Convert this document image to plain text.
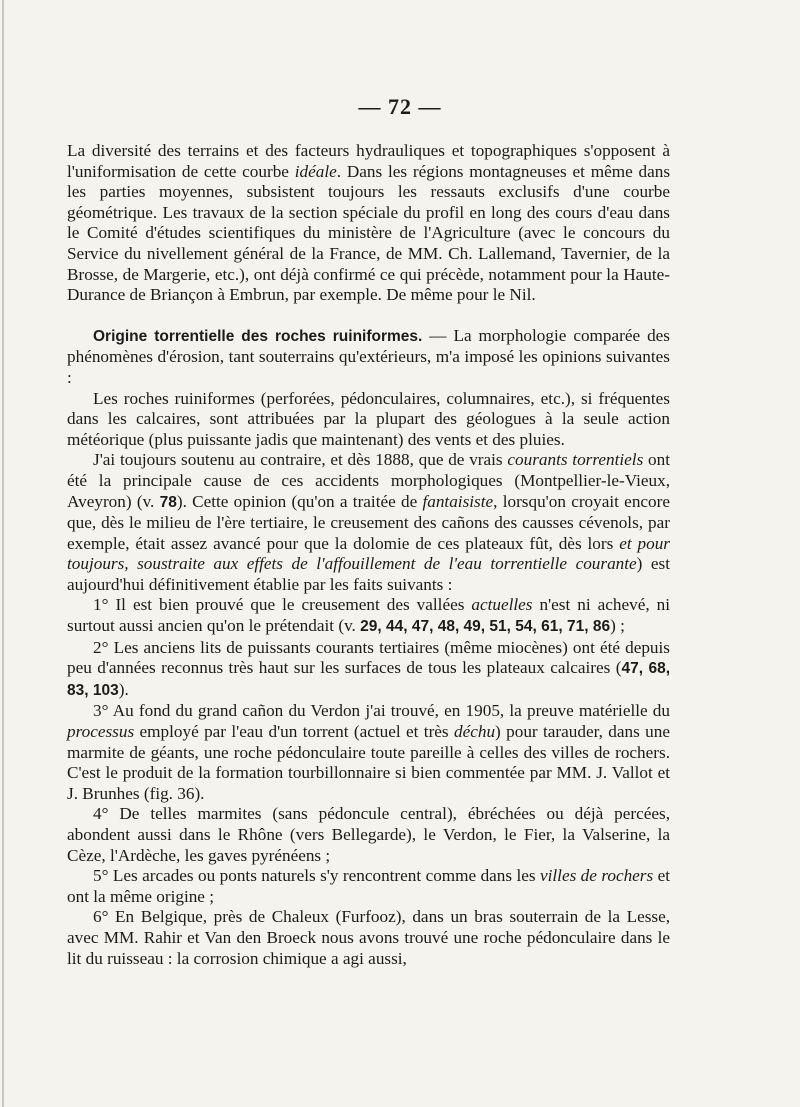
— 72 —

La diversité des terrains et des facteurs hydrauliques et topographiques s'opposent à l'uniformisation de cette courbe idéale. Dans les régions montagneuses et même dans les parties moyennes, subsistent toujours les ressauts exclusifs d'une courbe géométrique. Les travaux de la section spéciale du profil en long des cours d'eau dans le Comité d'études scientifiques du ministère de l'Agriculture (avec le concours du Service du nivellement général de la France, de MM. Ch. Lallemand, Tavernier, de la Brosse, de Margerie, etc.), ont déjà confirmé ce qui précède, notamment pour la Haute-Durance de Briançon à Embrun, par exemple. De même pour le Nil.

Origine torrentielle des roches ruiniformes. — La morphologie comparée des phénomènes d'érosion, tant souterrains qu'extérieurs, m'a imposé les opinions suivantes :

Les roches ruiniformes (perforées, pédonculaires, columnaires, etc.), si fréquentes dans les calcaires, sont attribuées par la plupart des géologues à la seule action météorique (plus puissante jadis que maintenant) des vents et des pluies.

J'ai toujours soutenu au contraire, et dès 1888, que de vrais courants torrentiels ont été la principale cause de ces accidents morphologiques (Montpellier-le-Vieux, Aveyron) (v. 78). Cette opinion (qu'on a traitée de fantaisiste, lorsqu'on croyait encore que, dès le milieu de l'ère tertiaire, le creusement des cañons des causses cévenols, par exemple, était assez avancé pour que la dolomie de ces plateaux fût, dès lors et pour toujours, soustraite aux effets de l'affouillement de l'eau torrentielle courante) est aujourd'hui définitivement établie par les faits suivants :

1° Il est bien prouvé que le creusement des vallées actuelles n'est ni achevé, ni surtout aussi ancien qu'on le prétendait (v. 29, 44, 47, 48, 49, 51, 54, 61, 71, 86) ;

2° Les anciens lits de puissants courants tertiaires (même miocènes) ont été depuis peu d'années reconnus très haut sur les surfaces de tous les plateaux calcaires (47, 68, 83, 103).

3° Au fond du grand cañon du Verdon j'ai trouvé, en 1905, la preuve matérielle du processus employé par l'eau d'un torrent (actuel et très déchu) pour tarauder, dans une marmite de géants, une roche pédonculaire toute pareille à celles des villes de rochers. C'est le produit de la formation tourbillonnaire si bien commentée par MM. J. Vallot et J. Brunhes (fig. 36).

4° De telles marmites (sans pédoncule central), ébréchées ou déjà percées, abondent aussi dans le Rhône (vers Bellegarde), le Verdon, le Fier, la Valserine, la Cèze, l'Ardèche, les gaves pyrénéens ;

5° Les arcades ou ponts naturels s'y rencontrent comme dans les villes de rochers et ont la même origine ;

6° En Belgique, près de Chaleux (Furfooz), dans un bras souterrain de la Lesse, avec MM. Rahir et Van den Broeck nous avons trouvé une roche pédonculaire dans le lit du ruisseau : la corrosion chimique a agi aussi,
